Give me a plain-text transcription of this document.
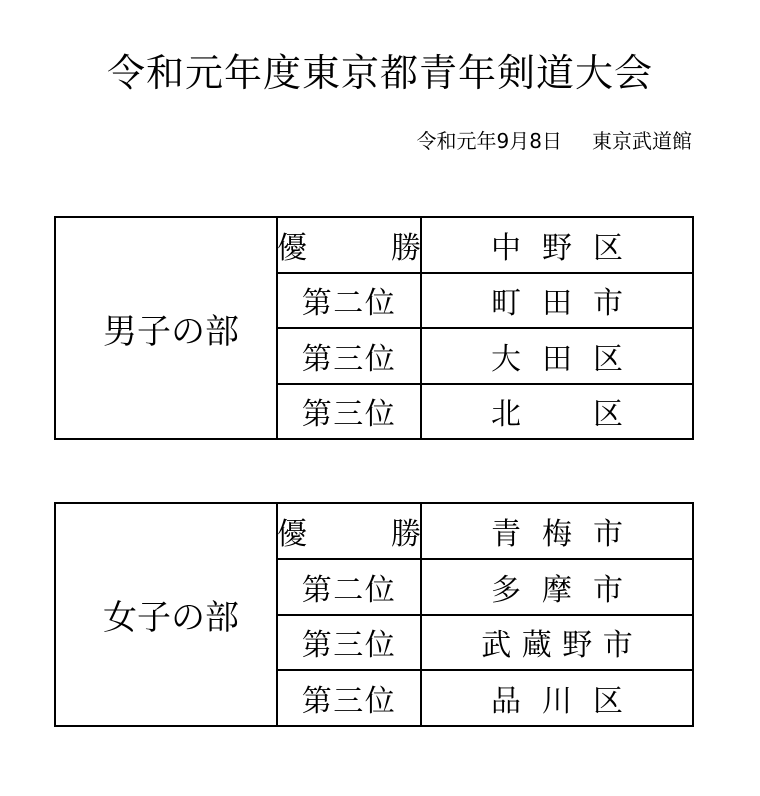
令和元年度東京都青年剣道大会
令和元年9月8日 東京武道館
男子の部
優　勝	中野区
第二位	町田市
第三位	大田区
第三位	北　区
女子の部
優　勝	青梅市
第二位	多摩市
第三位	武蔵野市
第三位	品川区
